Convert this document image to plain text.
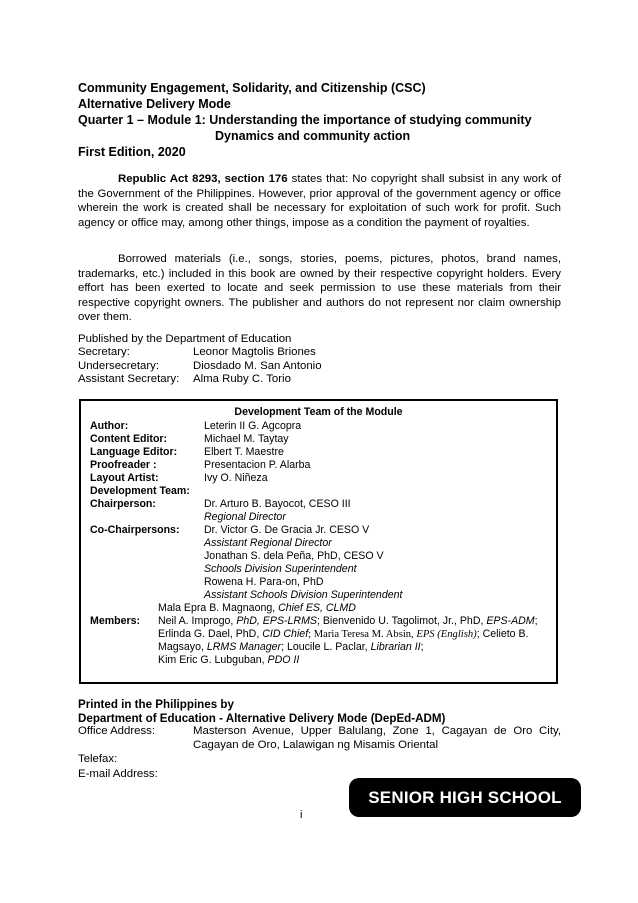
Community Engagement, Solidarity, and Citizenship (CSC)
Alternative Delivery Mode
Quarter 1 – Module 1: Understanding the importance of studying community
Dynamics and community action
First Edition, 2020
Republic Act 8293, section 176 states that: No copyright shall subsist in any work of the Government of the Philippines. However, prior approval of the government agency or office wherein the work is created shall be necessary for exploitation of such work for profit. Such agency or office may, among other things, impose as a condition the payment of royalties.
Borrowed materials (i.e., songs, stories, poems, pictures, photos, brand names, trademarks, etc.) included in this book are owned by their respective copyright holders. Every effort has been exerted to locate and seek permission to use these materials from their respective copyright owners. The publisher and authors do not represent nor claim ownership over them.
Published by the Department of Education
Secretary:	Leonor Magtolis Briones
Undersecretary:	Diosdado M. San Antonio
Assistant Secretary:	Alma Ruby C. Torio
Development Team of the Module
Author:	Leterin II G. Agcopra
Content Editor:	Michael M. Taytay
Language Editor:	Elbert T. Maestre
Proofreader :	Presentacion P. Alarba
Layout Artist:	Ivy O. Niñeza
Development Team:
Chairperson:	Dr. Arturo B. Bayocot, CESO III
Regional Director
Co-Chairpersons: Dr. Victor G. De Gracia Jr. CESO V
Assistant Regional Director
Jonathan S. dela Peña, PhD, CESO V
Schools Division Superintendent
Rowena H. Para-on, PhD
Assistant Schools Division Superintendent
Mala Epra B. Magnaong, Chief ES, CLMD
Members: Neil A. Improgo, PhD, EPS-LRMS; Bienvenido U. Tagolimot, Jr., PhD, EPS-ADM;
Erlinda G. Dael, PhD, CID Chief; Maria Teresa M. Absin, EPS (English); Celieto B.
Magsayo, LRMS Manager; Loucile L. Paclar, Librarian II;
Kim Eric G. Lubguban, PDO II
Printed in the Philippines by
Department of Education - Alternative Delivery Mode (DepEd-ADM)
Office Address:	Masterson Avenue, Upper Balulang, Zone 1, Cagayan de Oro City, Cagayan de Oro, Lalawigan ng Misamis Oriental
Telefax:
E-mail Address:
SENIOR HIGH SCHOOL
i
